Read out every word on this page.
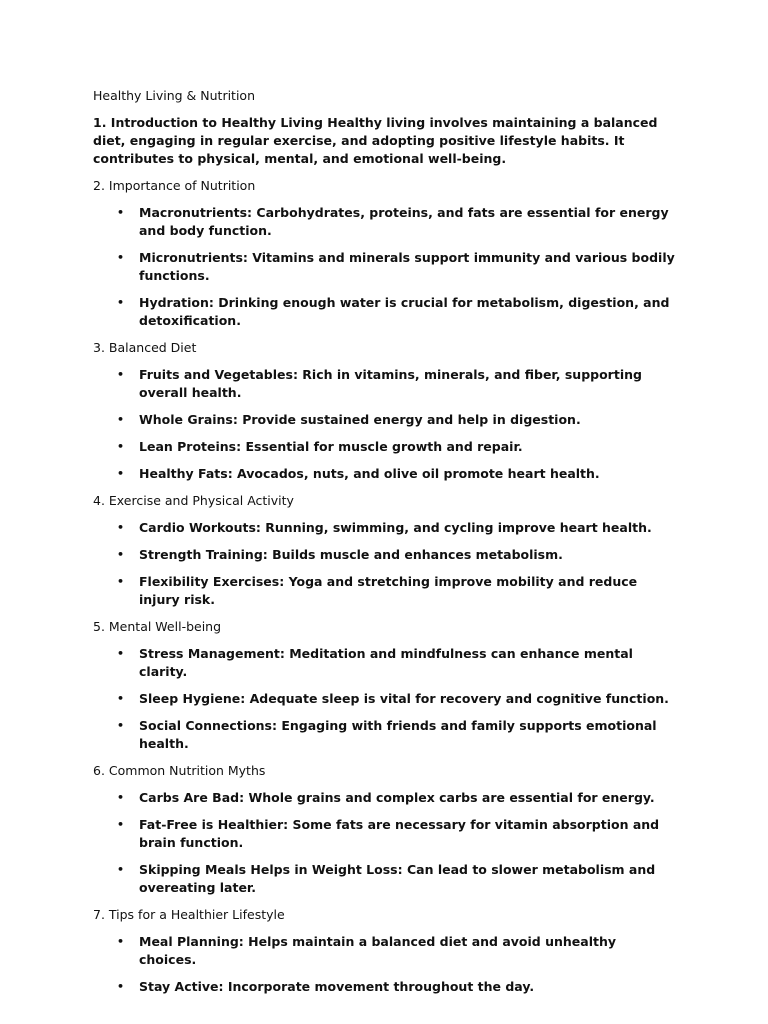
Healthy Living & Nutrition
1. Introduction to Healthy Living Healthy living involves maintaining a balanced diet, engaging in regular exercise, and adopting positive lifestyle habits. It contributes to physical, mental, and emotional well-being.
2. Importance of Nutrition
• Macronutrients: Carbohydrates, proteins, and fats are essential for energy and body function.
• Micronutrients: Vitamins and minerals support immunity and various bodily functions.
• Hydration: Drinking enough water is crucial for metabolism, digestion, and detoxification.
3. Balanced Diet
• Fruits and Vegetables: Rich in vitamins, minerals, and fiber, supporting overall health.
• Whole Grains: Provide sustained energy and help in digestion.
• Lean Proteins: Essential for muscle growth and repair.
• Healthy Fats: Avocados, nuts, and olive oil promote heart health.
4. Exercise and Physical Activity
• Cardio Workouts: Running, swimming, and cycling improve heart health.
• Strength Training: Builds muscle and enhances metabolism.
• Flexibility Exercises: Yoga and stretching improve mobility and reduce injury risk.
5. Mental Well-being
• Stress Management: Meditation and mindfulness can enhance mental clarity.
• Sleep Hygiene: Adequate sleep is vital for recovery and cognitive function.
• Social Connections: Engaging with friends and family supports emotional health.
6. Common Nutrition Myths
• Carbs Are Bad: Whole grains and complex carbs are essential for energy.
• Fat-Free is Healthier: Some fats are necessary for vitamin absorption and brain function.
• Skipping Meals Helps in Weight Loss: Can lead to slower metabolism and overeating later.
7. Tips for a Healthier Lifestyle
• Meal Planning: Helps maintain a balanced diet and avoid unhealthy choices.
• Stay Active: Incorporate movement throughout the day.
